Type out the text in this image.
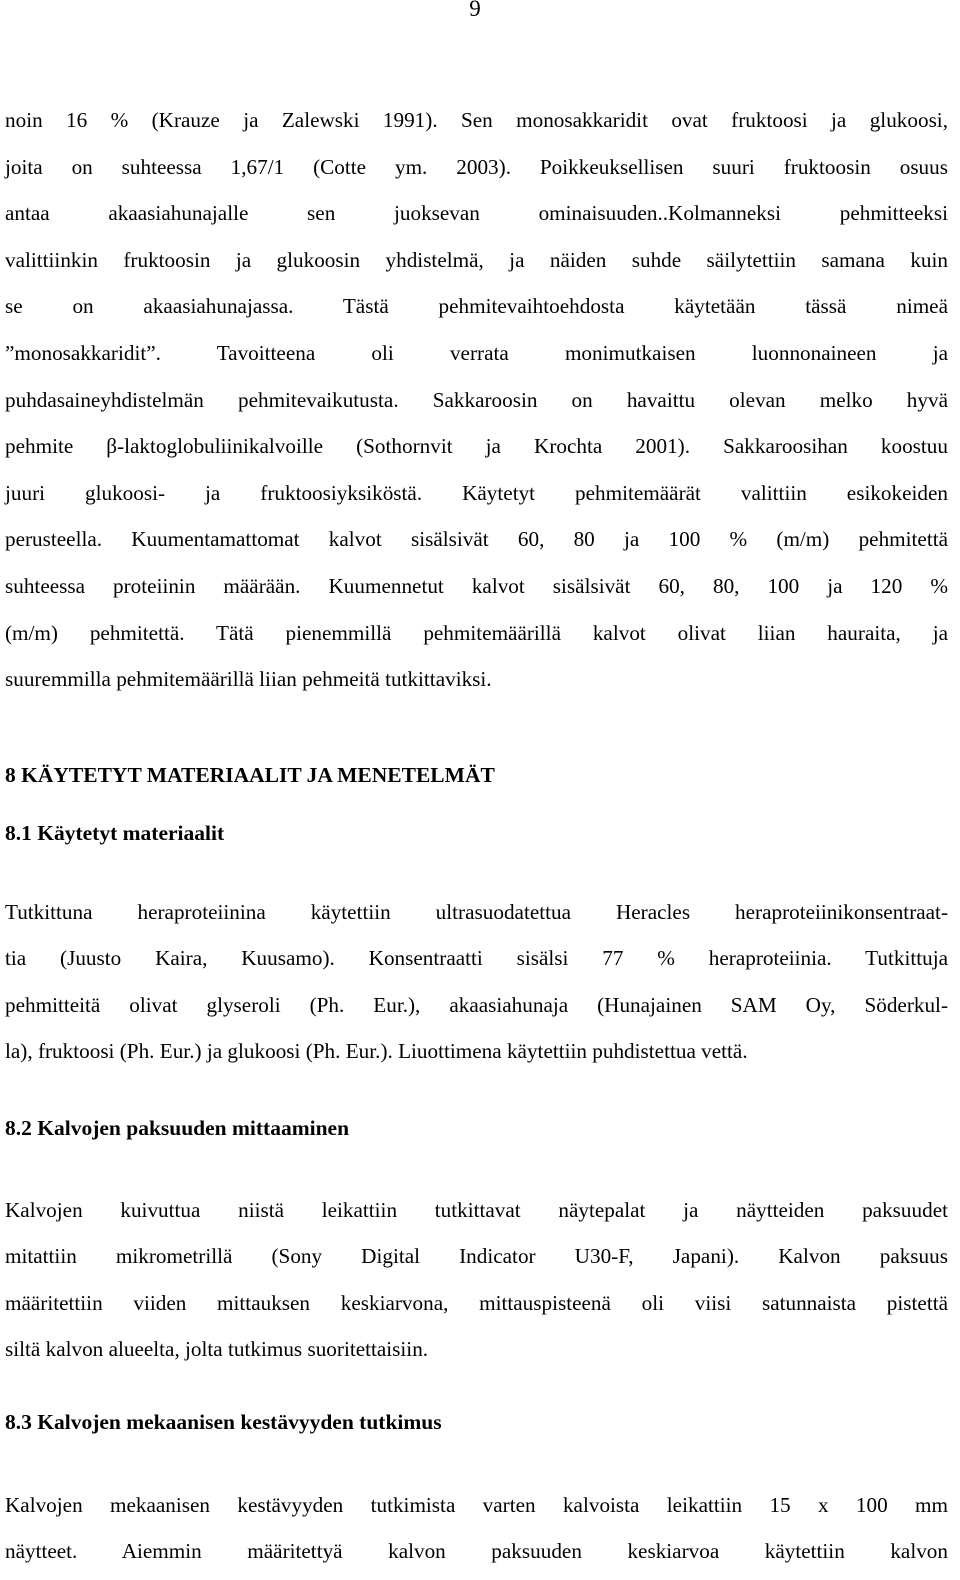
9

noin 16 % (Krauze ja Zalewski 1991). Sen monosakkaridit ovat fruktoosi ja glukoosi,
joita on suhteessa 1,67/1 (Cotte ym. 2003). Poikkeuksellisen suuri fruktoosin osuus
antaa akaasiahunajalle sen juoksevan ominaisuuden..Kolmanneksi pehmitteeksi
valittiinkin fruktoosin ja glukoosin yhdistelmä, ja näiden suhde säilytettiin samana kuin
se on akaasiahunajassa. Tästä pehmitevaihtoehdosta käytetään tässä nimeä
”monosakkaridit”. Tavoitteena oli verrata monimutkaisen luonnonaineen ja
puhdasaineyhdistelmän pehmitevaikutusta. Sakkaroosin on havaittu olevan melko hyvä
pehmite β-laktoglobuliinikalvoille (Sothornvit ja Krochta 2001). Sakkaroosihan koostuu
juuri glukoosi- ja fruktoosiyksiköstä. Käytetyt pehmitemäärät valittiin esikokeiden
perusteella. Kuumentamattomat kalvot sisälsivät 60, 80 ja 100 % (m/m) pehmitettä
suhteessa proteiinin määrään. Kuumennetut kalvot sisälsivät 60, 80, 100 ja 120 %
(m/m) pehmitettä. Tätä pienemmillä pehmitemäärillä kalvot olivat liian hauraita, ja
suuremmilla pehmitemäärillä liian pehmeitä tutkittaviksi.

8 KÄYTETYT MATERIAALIT JA MENETELMÄT
8.1 Käytetyt materiaalit

Tutkittuna heraproteiinina käytettiin ultrasuodatettua Heracles heraproteiinikonsentraat-
tia (Juusto Kaira, Kuusamo). Konsentraatti sisälsi 77 % heraproteiinia. Tutkittuja
pehmitteitä olivat glyseroli (Ph. Eur.), akaasiahunaja (Hunajainen SAM Oy, Söderkul-
la), fruktoosi (Ph. Eur.) ja glukoosi (Ph. Eur.). Liuottimena käytettiin puhdistettua vettä.

8.2 Kalvojen paksuuden mittaaminen

Kalvojen kuivuttua niistä leikattiin tutkittavat näytepalat ja näytteiden paksuudet
mitattiin mikrometrillä (Sony Digital Indicator U30-F, Japani). Kalvon paksuus
määritettiin viiden mittauksen keskiarvona, mittauspisteenä oli viisi satunnaista pistettä
siltä kalvon alueelta, jolta tutkimus suoritettaisiin.

8.3 Kalvojen mekaanisen kestävyyden tutkimus

Kalvojen mekaanisen kestävyyden tutkimista varten kalvoista leikattiin 15 x 100 mm
näytteet. Aiemmin määritettyä kalvon paksuuden keskiarvoa käytettiin kalvon
